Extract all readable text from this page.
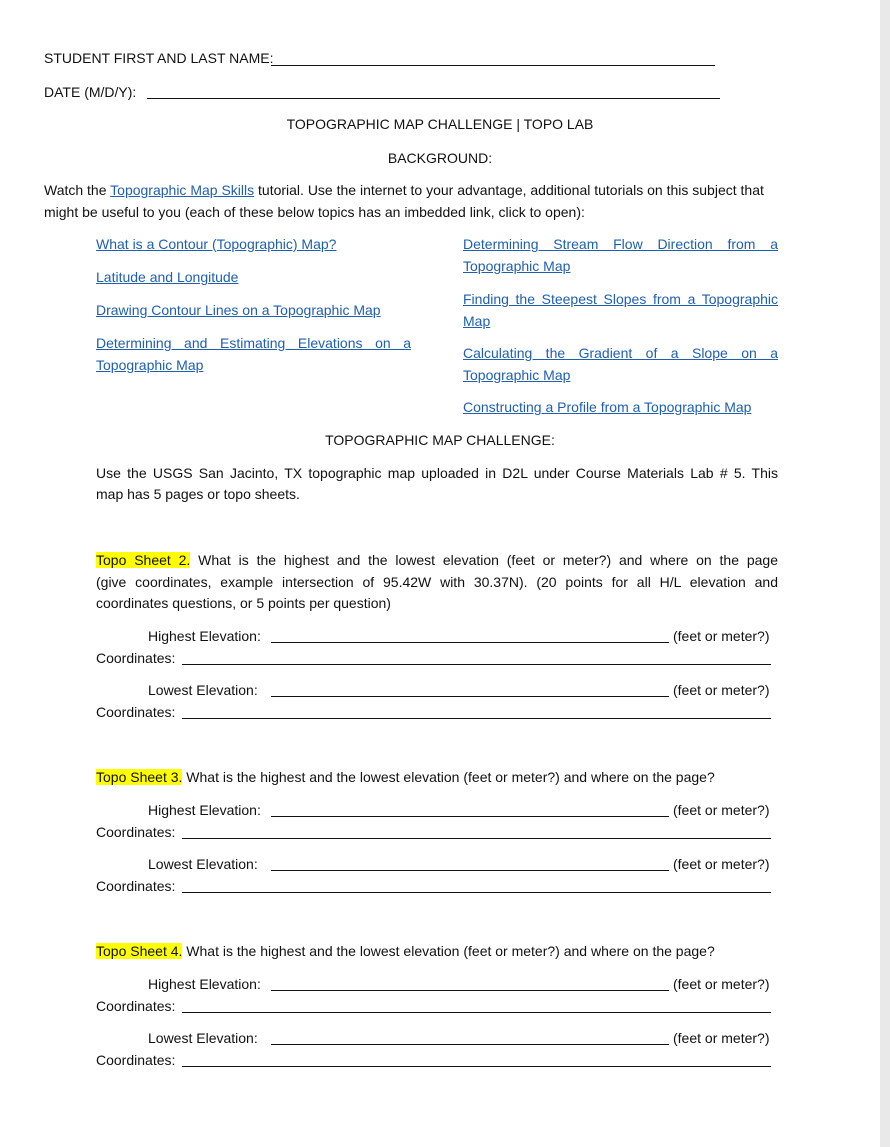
STUDENT FIRST AND LAST NAME:
DATE (M/D/Y):
TOPOGRAPHIC MAP CHALLENGE | TOPO LAB
BACKGROUND:
Watch the Topographic Map Skills tutorial. Use the internet to your advantage, additional tutorials on this subject that
might be useful to you (each of these below topics has an imbedded link, click to open):
What is a Contour (Topographic) Map?
Latitude and Longitude
Drawing Contour Lines on a Topographic Map
Determining and Estimating Elevations on a
Topographic Map
Determining Stream Flow Direction from a
Topographic Map
Finding the Steepest Slopes from a Topographic
Map
Calculating the Gradient of a Slope on a
Topographic Map
Constructing a Profile from a Topographic Map
TOPOGRAPHIC MAP CHALLENGE:
Use the USGS San Jacinto, TX topographic map uploaded in D2L under Course Materials Lab # 5. This
map has 5 pages or topo sheets.
Topo Sheet 2. What is the highest and the lowest elevation (feet or meter?) and where on the page
(give coordinates, example intersection of 95.42W with 30.37N). (20 points for all H/L elevation and
coordinates questions, or 5 points per question)
Highest Elevation:	(feet or meter?)
Coordinates:
Lowest Elevation:	(feet or meter?)
Coordinates:
Topo Sheet 3. What is the highest and the lowest elevation (feet or meter?) and where on the page?
Highest Elevation:	(feet or meter?)
Coordinates:
Lowest Elevation:	(feet or meter?)
Coordinates:
Topo Sheet 4. What is the highest and the lowest elevation (feet or meter?) and where on the page?
Highest Elevation:	(feet or meter?)
Coordinates:
Lowest Elevation:	(feet or meter?)
Coordinates:
